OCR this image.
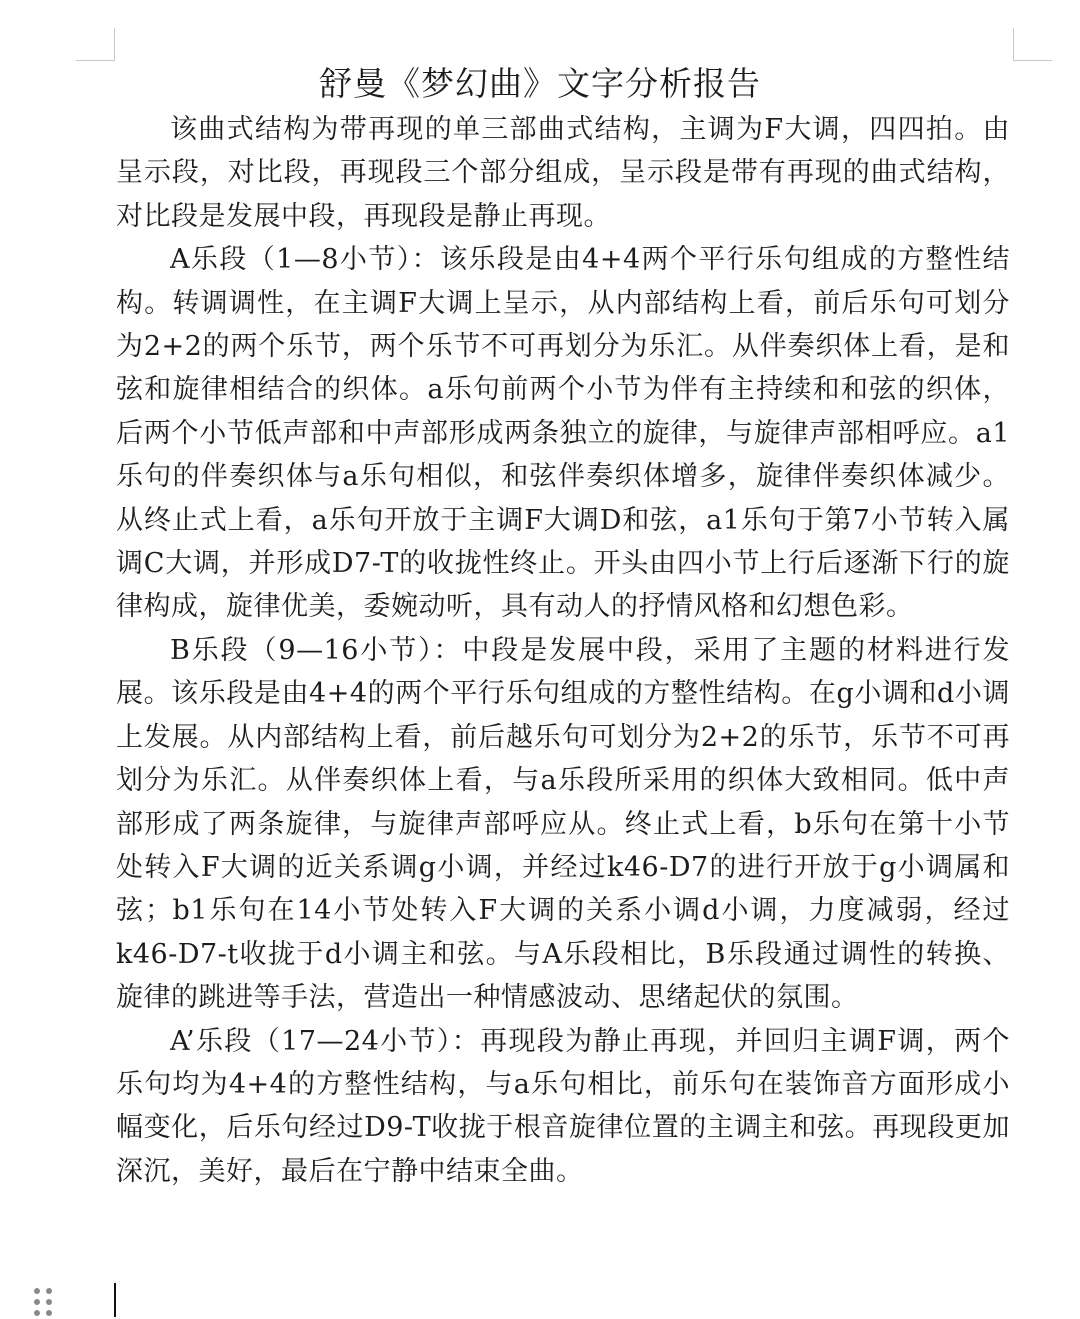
舒曼《梦幻曲》文字分析报告

该曲式结构为带再现的单三部曲式结构，主调为F大调，四四拍。由呈示段，对比段，再现段三个部分组成，呈示段是带有再现的曲式结构，对比段是发展中段，再现段是静止再现。

A乐段（1—8小节）：该乐段是由4+4两个平行乐句组成的方整性结构。转调调性，在主调F大调上呈示，从内部结构上看，前后乐句可划分为2+2的两个乐节，两个乐节不可再划分为乐汇。从伴奏织体上看，是和弦和旋律相结合的织体。a乐句前两个小节为伴有主持续和和弦的织体，后两个小节低声部和中声部形成两条独立的旋律，与旋律声部相呼应。a1乐句的伴奏织体与a乐句相似，和弦伴奏织体增多，旋律伴奏织体减少。从终止式上看，a乐句开放于主调F大调D和弦，a1乐句于第7小节转入属调C大调，并形成D7-T的收拢性终止。开头由四小节上行后逐渐下行的旋律构成，旋律优美，委婉动听，具有动人的抒情风格和幻想色彩。

B乐段（9—16小节）：中段是发展中段，采用了主题的材料进行发展。该乐段是由4+4的两个平行乐句组成的方整性结构。在g小调和d小调上发展。从内部结构上看，前后越乐句可划分为2+2的乐节，乐节不可再划分为乐汇。从伴奏织体上看，与a乐段所采用的织体大致相同。低中声部形成了两条旋律，与旋律声部呼应从。终止式上看，b乐句在第十小节处转入F大调的近关系调g小调，并经过k46-D7的进行开放于g小调属和弦；b1乐句在14小节处转入F大调的关系小调d小调，力度减弱，经过k46-D7-t收拢于d小调主和弦。与A乐段相比，B乐段通过调性的转换、旋律的跳进等手法，营造出一种情感波动、思绪起伏的氛围。

A’乐段（17—24小节）：再现段为静止再现，并回归主调F调，两个乐句均为4+4的方整性结构，与a乐句相比，前乐句在装饰音方面形成小幅变化，后乐句经过D9-T收拢于根音旋律位置的主调主和弦。再现段更加深沉，美好，最后在宁静中结束全曲。
